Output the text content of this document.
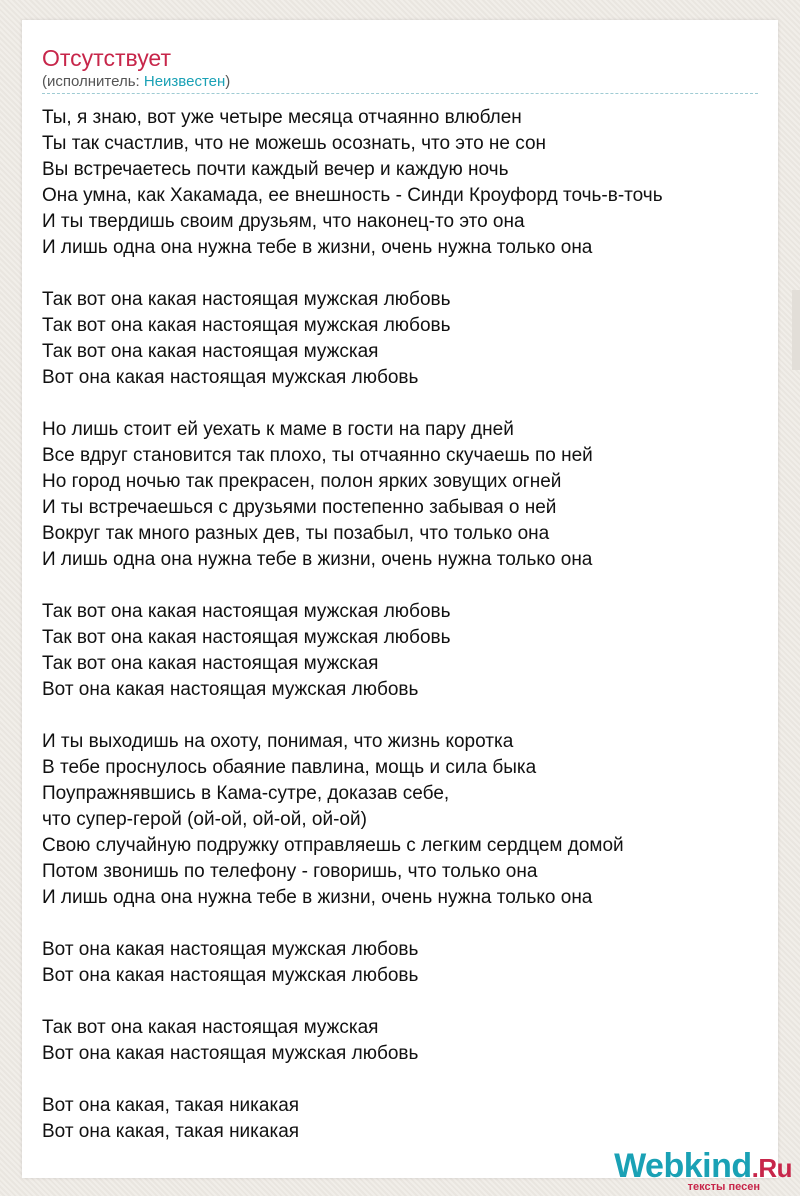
Отсутствует
(исполнитель: Неизвестен)
Ты, я знаю, вот уже четыре месяца отчаянно влюблен
Ты так счастлив, что не можешь осознать, что это не сон
Вы встречаетесь почти каждый вечер и каждую ночь
Она умна, как Хакамада, ее внешность - Синди Кроуфорд точь-в-точь
И ты твердишь своим друзьям, что наконец-то это она
И лишь одна она нужна тебе в жизни, очень нужна только она
Так вот она какая настоящая мужская любовь
Так вот она какая настоящая мужская любовь
Так вот она какая настоящая мужская
Вот она какая настоящая мужская любовь
Но лишь стоит ей уехать к маме в гости на пару дней
Все вдруг становится так плохо, ты отчаянно скучаешь по ней
Но город ночью так прекрасен, полон ярких зовущих огней
И ты встречаешься с друзьями постепенно забывая о ней
Вокруг так много разных дев, ты позабыл, что только она
И лишь одна она нужна тебе в жизни, очень нужна только она
Так вот она какая настоящая мужская любовь
Так вот она какая настоящая мужская любовь
Так вот она какая настоящая мужская
Вот она какая настоящая мужская любовь
И ты выходишь на охоту, понимая, что жизнь коротка
В тебе проснулось обаяние павлина, мощь и сила быка
Поупражнявшись в Кама-сутре, доказав себе,
что супер-герой (ой-ой, ой-ой, ой-ой)
Свою случайную подружку отправляешь с легким сердцем домой
Потом звонишь по телефону - говоришь, что только она
И лишь одна она нужна тебе в жизни, очень нужна только она
Вот она какая настоящая мужская любовь
Вот она какая настоящая мужская любовь
Так вот она какая настоящая мужская
Вот она какая настоящая мужская любовь
Вот она какая, такая никакая
Вот она какая, такая никакая
Webkind.Ru
тексты песен
